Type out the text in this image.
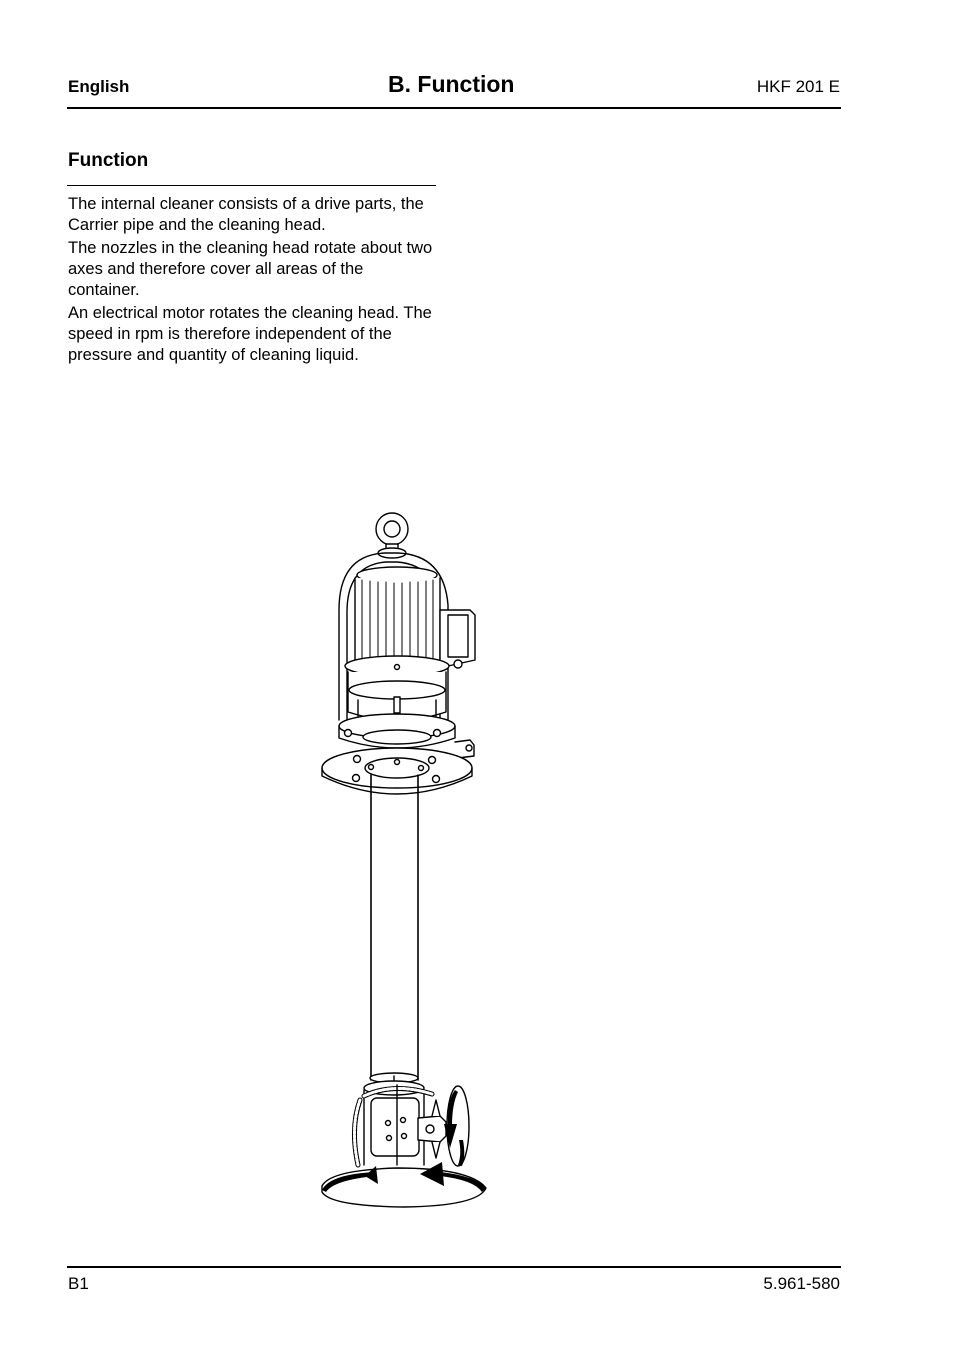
English	B. Function	HKF 201 E
Function

The internal cleaner consists of a drive parts, the Carrier pipe and the cleaning head.

The nozzles in the cleaning head rotate about two axes and therefore cover all areas of the container.

An electrical motor rotates the cleaning head. The speed in rpm is therefore independent of the pressure and quantity of cleaning liquid.

B1	5.961-580
